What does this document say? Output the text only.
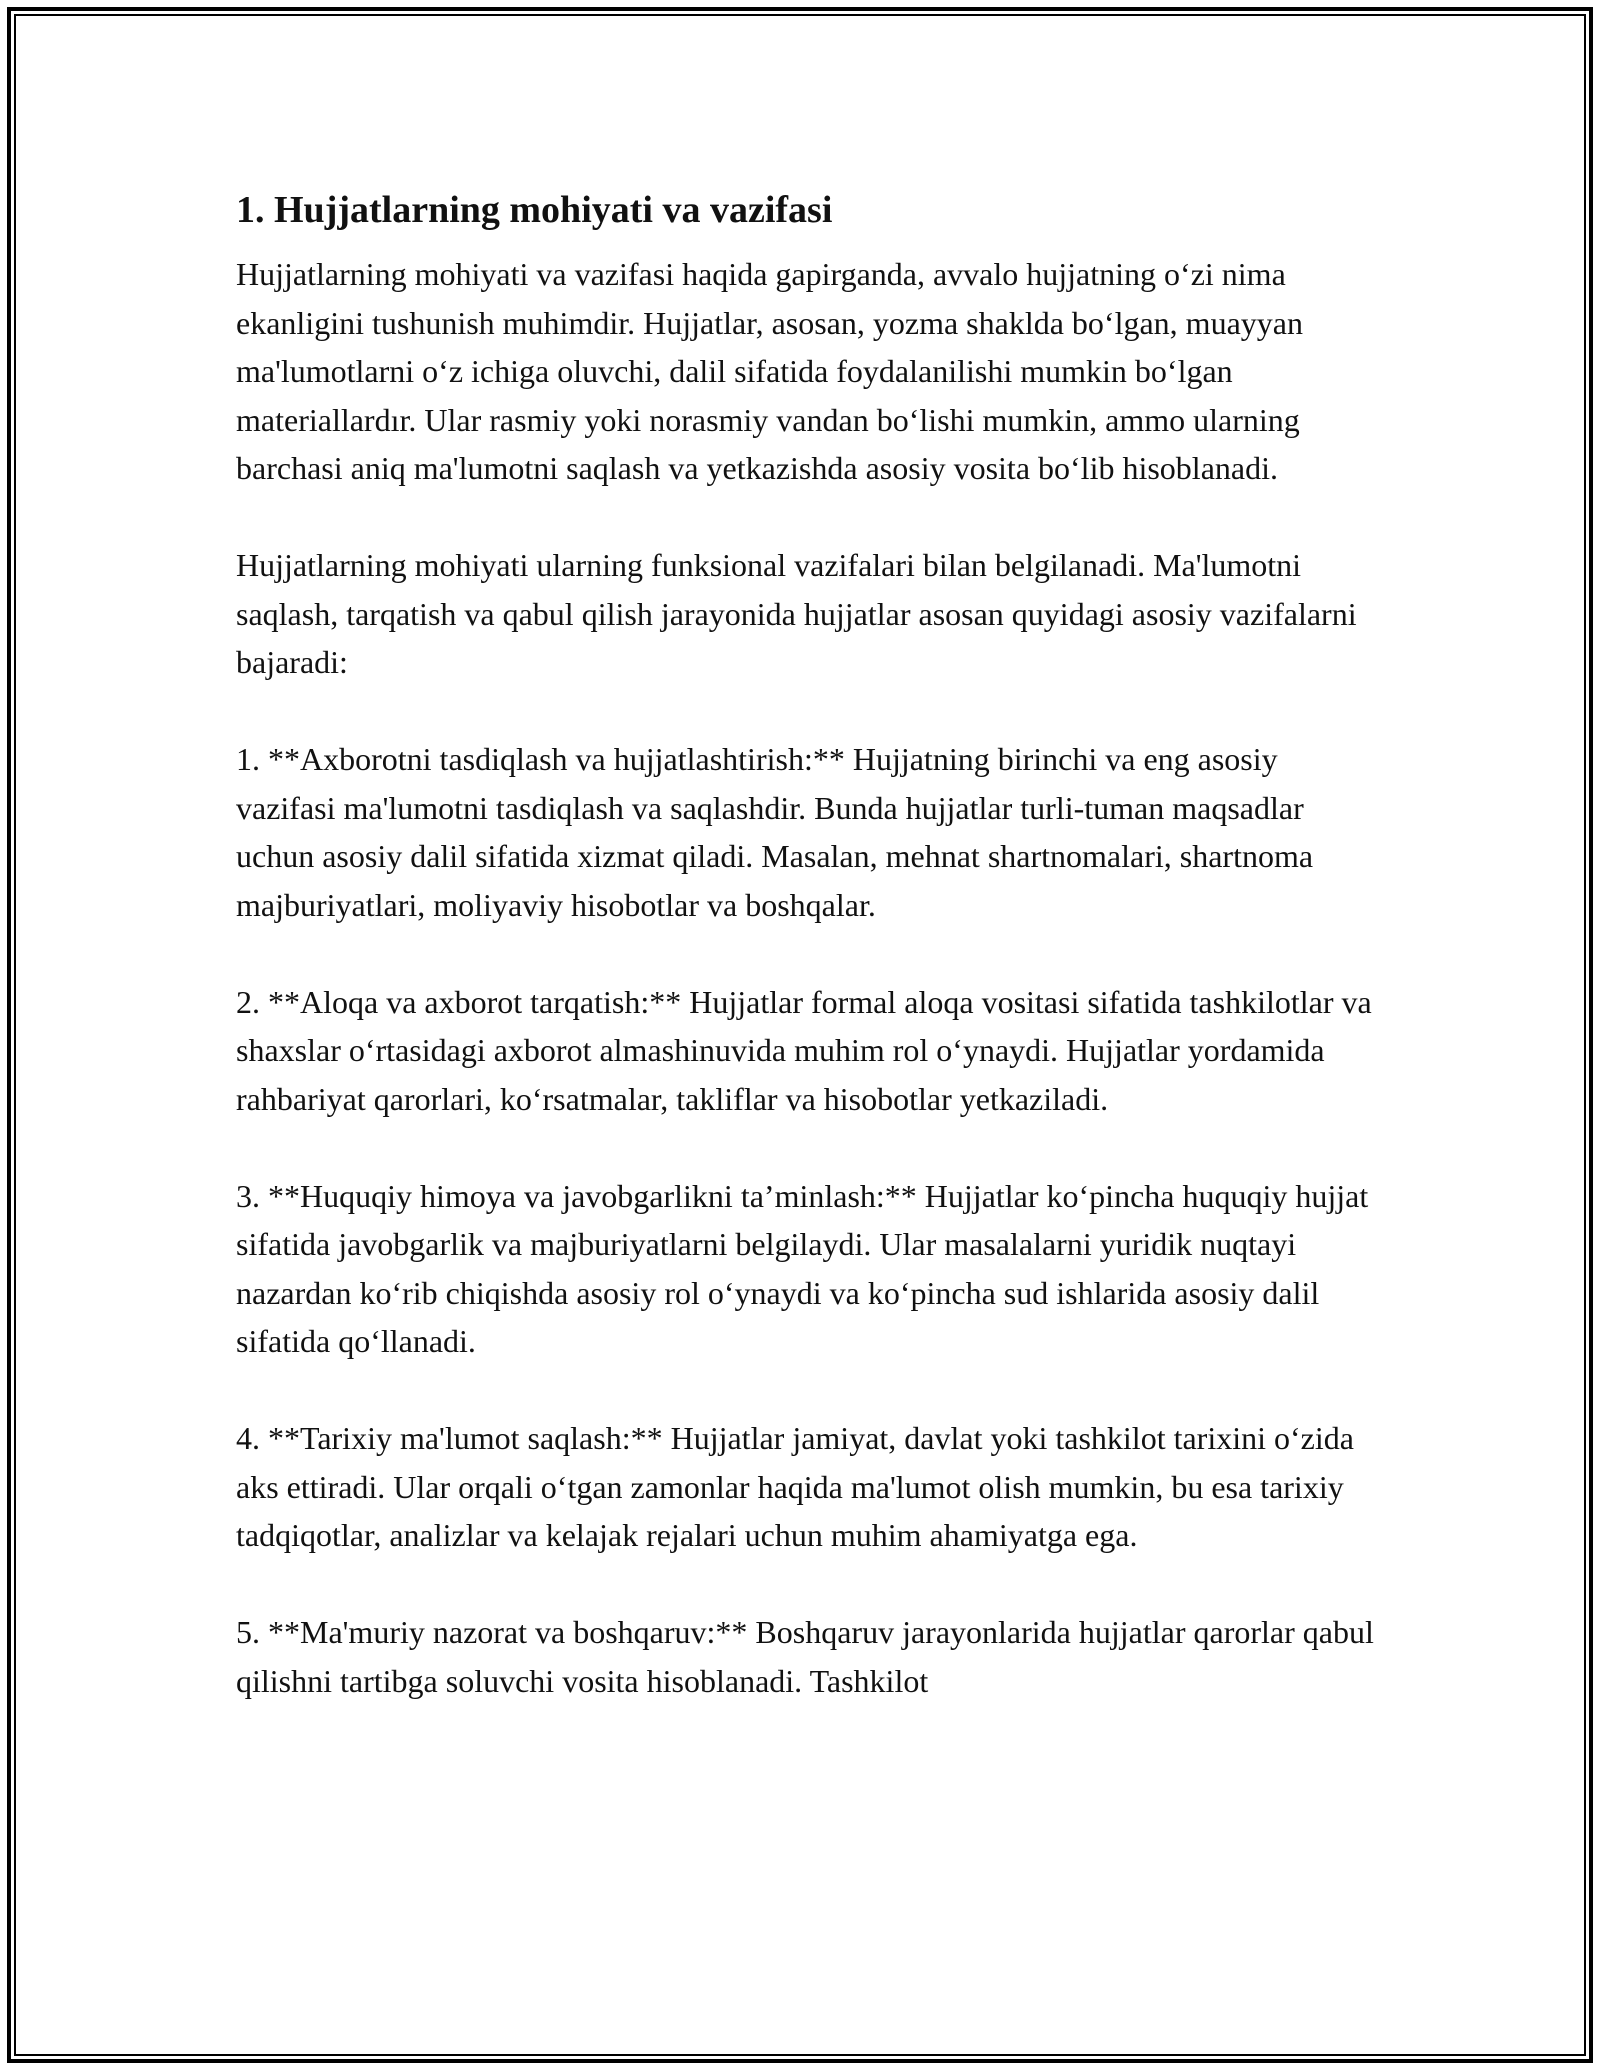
1. Hujjatlarning mohiyati va vazifasi

Hujjatlarning mohiyati va vazifasi haqida gapirganda, avvalo hujjatning o‘zi nima ekanligini tushunish muhimdir. Hujjatlar, asosan, yozma shaklda bo‘lgan, muayyan ma'lumotlarni o‘z ichiga oluvchi, dalil sifatida foydalanilishi mumkin bo‘lgan materiallardır. Ular rasmiy yoki norasmiy vandan bo‘lishi mumkin, ammo ularning barchasi aniq ma'lumotni saqlash va yetkazishda asosiy vosita bo‘lib hisoblanadi.

Hujjatlarning mohiyati ularning funksional vazifalari bilan belgilanadi. Ma'lumotni saqlash, tarqatish va qabul qilish jarayonida hujjatlar asosan quyidagi asosiy vazifalarni bajaradi:

1. **Axborotni tasdiqlash va hujjatlashtirish:** Hujjatning birinchi va eng asosiy vazifasi ma'lumotni tasdiqlash va saqlashdir. Bunda hujjatlar turli-tuman maqsadlar uchun asosiy dalil sifatida xizmat qiladi. Masalan, mehnat shartnomalari, shartnoma majburiyatlari, moliyaviy hisobotlar va boshqalar.

2. **Aloqa va axborot tarqatish:** Hujjatlar formal aloqa vositasi sifatida tashkilotlar va shaxslar o‘rtasidagi axborot almashinuvida muhim rol o‘ynaydi. Hujjatlar yordamida rahbariyat qarorlari, ko‘rsatmalar, takliflar va hisobotlar yetkaziladi.

3. **Huquqiy himoya va javobgarlikni ta’minlash:** Hujjatlar ko‘pincha huquqiy hujjat sifatida javobgarlik va majburiyatlarni belgilaydi. Ular masalalarni yuridik nuqtayi nazardan ko‘rib chiqishda asosiy rol o‘ynaydi va ko‘pincha sud ishlarida asosiy dalil sifatida qo‘llanadi.

4. **Tarixiy ma'lumot saqlash:** Hujjatlar jamiyat, davlat yoki tashkilot tarixini o‘zida aks ettiradi. Ular orqali o‘tgan zamonlar haqida ma'lumot olish mumkin, bu esa tarixiy tadqiqotlar, analizlar va kelajak rejalari uchun muhim ahamiyatga ega.

5. **Ma'muriy nazorat va boshqaruv:** Boshqaruv jarayonlarida hujjatlar qarorlar qabul qilishni tartibga soluvchi vosita hisoblanadi. Tashkilot
